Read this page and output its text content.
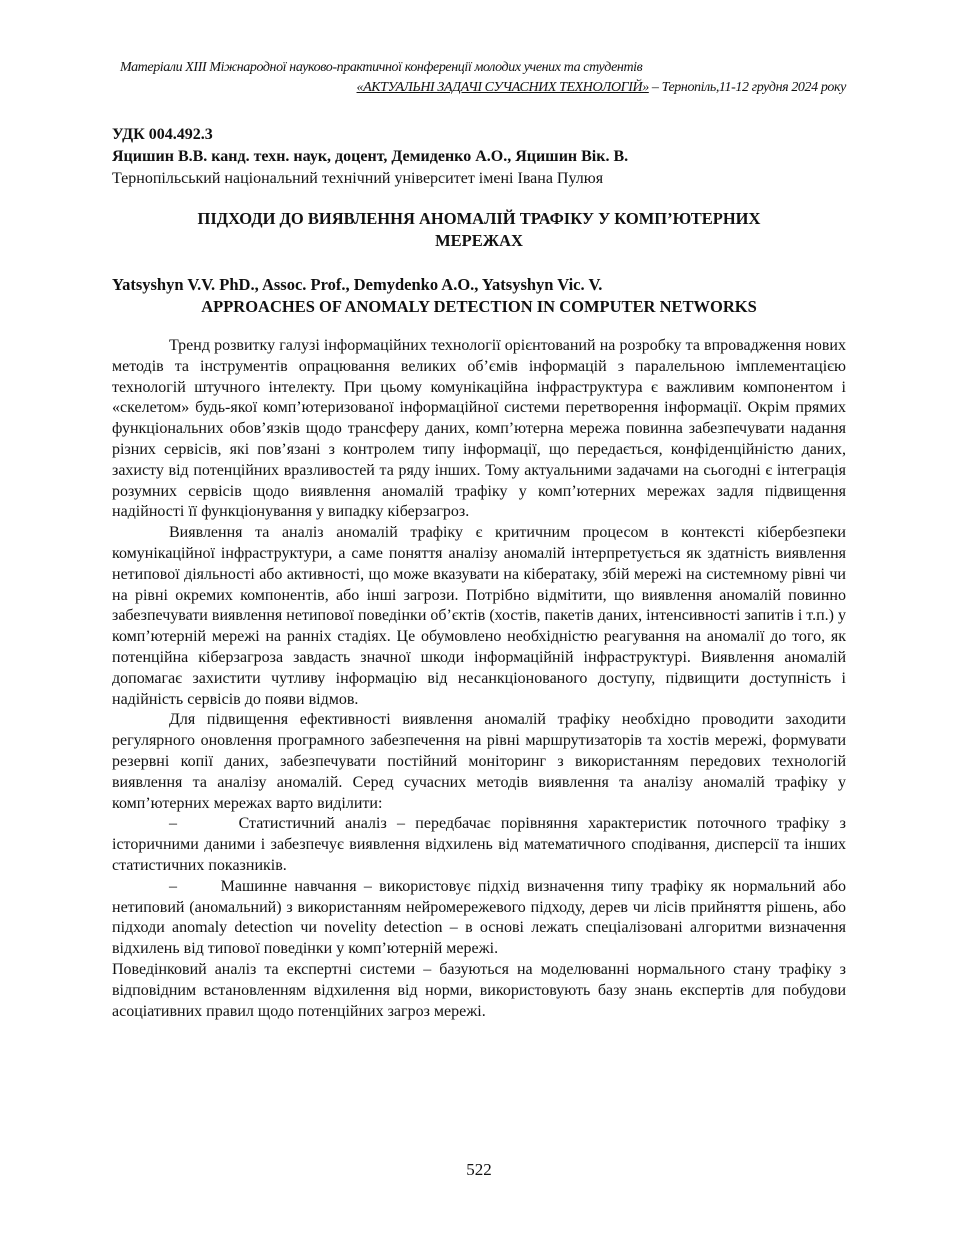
Матеріали XIII Міжнародної науково-практичної конференції молодих учених та студентів
«АКТУАЛЬНІ ЗАДАЧІ СУЧАСНИХ ТЕХНОЛОГІЙ» – Тернопіль,11-12 грудня 2024 року
УДК 004.492.3
Яцишин В.В. канд. техн. наук, доцент, Демиденко А.О., Яцишин Вік. В.
Тернопільський національний технічний університет імені Івана Пулюя
ПІДХОДИ ДО ВИЯВЛЕННЯ АНОМАЛІЙ ТРАФІКУ У КОМП’ЮТЕРНИХ МЕРЕЖАХ
Yatsyshyn V.V. PhD., Assoc. Prof., Demydenko A.O., Yatsyshyn Vic. V.
APPROACHES OF ANOMALY DETECTION IN COMPUTER NETWORKS

Тренд розвитку галузі інформаційних технології орієнтований на розробку та впровадження нових методів та інструментів опрацювання великих об’ємів інформацій з паралельною імплементацією технологій штучного інтелекту. При цьому комунікаційна інфраструктура є важливим компонентом і «скелетом» будь-якої комп’ютеризованої інформаційної системи перетворення інформації. Окрім прямих функціональних обов’язків щодо трансферу даних, комп’ютерна мережа повинна забезпечувати надання різних сервісів, які пов’язані з контролем типу інформації, що передається, конфіденційністю даних, захисту від потенційних вразливостей та ряду інших. Тому актуальними задачами на сьогодні є інтеграція розумних сервісів щодо виявлення аномалій трафіку у комп’ютерних мережах задля підвищення надійності її функціонування у випадку кіберзагроз.

Виявлення та аналіз аномалій трафіку є критичним процесом в контексті кібербезпеки комунікаційної інфраструктури, а саме поняття аналізу аномалій інтерпретується як здатність виявлення нетипової діяльності або активності, що може вказувати на кібератаку, збій мережі на системному рівні чи на рівні окремих компонентів, або інші загрози. Потрібно відмітити, що виявлення аномалій повинно забезпечувати виявлення нетипової поведінки об’єктів (хостів, пакетів даних, інтенсивності запитів і т.п.) у комп’ютерній мережі на ранніх стадіях. Це обумовлено необхідністю реагування на аномалії до того, як потенційна кіберзагроза завдасть значної шкоди інформаційній інфраструктурі. Виявлення аномалій допомагає захистити чутливу інформацію від несанкціонованого доступу, підвищити доступність і надійність сервісів до появи відмов.

Для підвищення ефективності виявлення аномалій трафіку необхідно проводити заходити регулярного оновлення програмного забезпечення на рівні маршрутизаторів та хостів мережі, формувати резервні копії даних, забезпечувати постійний моніторинг з використанням передових технологій виявлення та аналізу аномалій. Серед сучасних методів виявлення та аналізу аномалій трафіку у комп’ютерних мережах варто виділити:

–      Статистичний аналіз – передбачає порівняння характеристик поточного трафіку з історичними даними і забезпечує виявлення відхилень від математичного сподівання, дисперсії та інших статистичних показників.

–      Машинне навчання – використовує підхід визначення типу трафіку як нормальний або нетиповий (аномальний) з використанням нейромережевого підходу, дерев чи лісів прийняття рішень, або підходи anomaly detection чи novelity detection – в основі лежать спеціалізовані алгоритми визначення відхилень від типової поведінки у комп’ютерній мережі.

Поведінковий аналіз та експертні системи – базуються на моделюванні нормального стану трафіку з відповідним встановленням відхилення від норми, використовують базу знань експертів для побудови асоціативних правил щодо потенційних загроз мережі.

522
